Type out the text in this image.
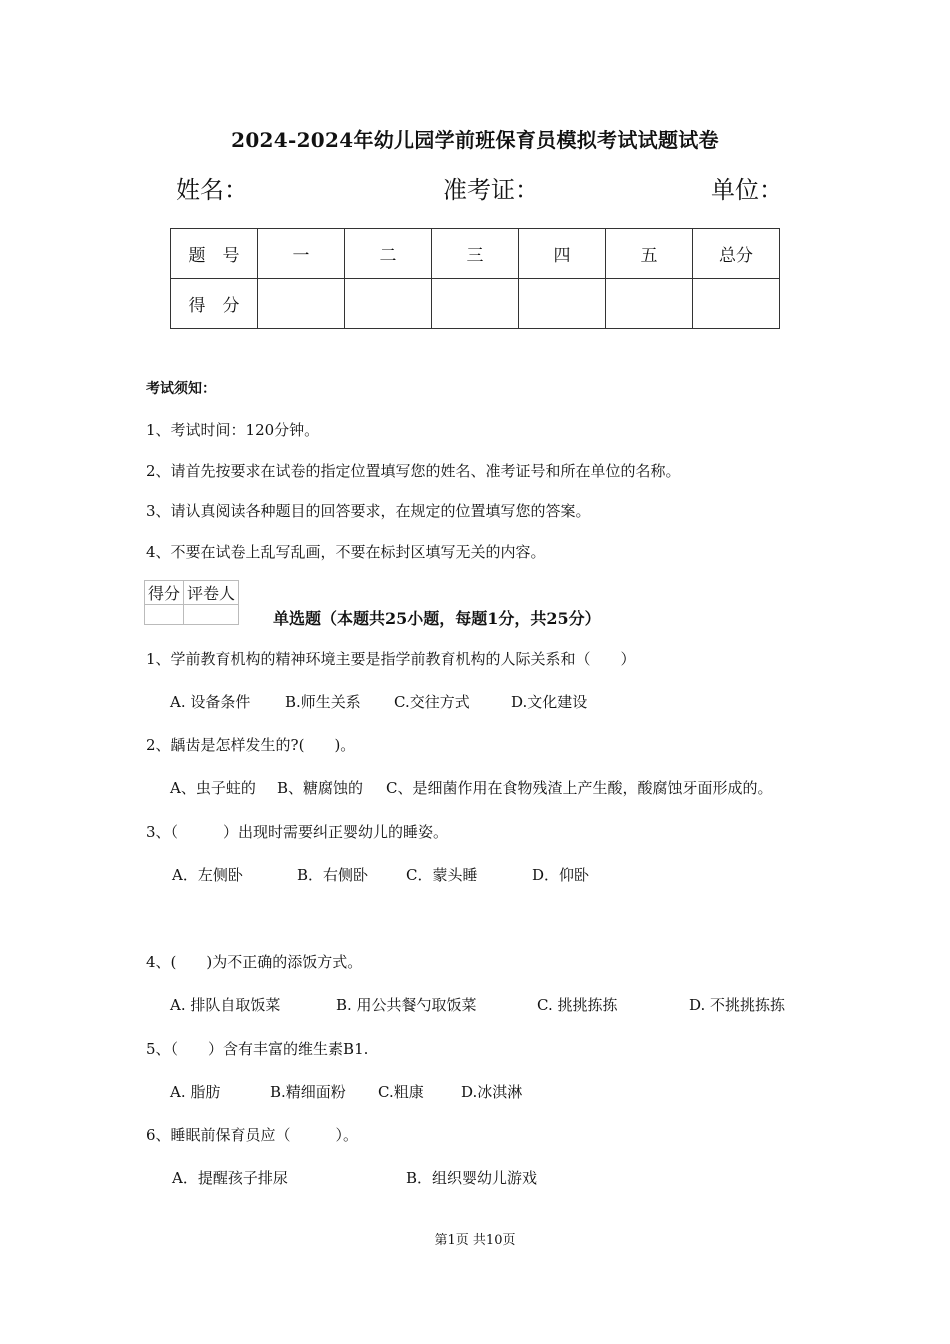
2024-2024年幼儿园学前班保育员模拟考试试题试卷
姓名：	准考证：	单位：
题　号	一	二	三	四	五	总分
得　分						
考试须知：
1、考试时间：120分钟。
2、请首先按要求在试卷的指定位置填写您的姓名、准考证号和所在单位的名称。
3、请认真阅读各种题目的回答要求，在规定的位置填写您的答案。
4、不要在试卷上乱写乱画，不要在标封区填写无关的内容。
得分	评卷人

单选题（本题共25小题，每题1分，共25分）
1、学前教育机构的精神环境主要是指学前教育机构的人际关系和（　　）
A. 设备条件 B.师生关系 C.交往方式	D.文化建设
2、龋齿是怎样发生的?(　　)。
A、虫子蛀的 B、糖腐蚀的 C、是细菌作用在食物残渣上产生酸，酸腐蚀牙面形成的。
3、（　　　）出现时需要纠正婴幼儿的睡姿。
A．左侧卧	B．右侧卧	C．蒙头睡	D．仰卧
4、(　　)为不正确的添饭方式。
A. 排队自取饭菜	B. 用公共餐勺取饭菜	C. 挑挑拣拣	D. 不挑挑拣拣
5、（　　）含有丰富的维生素B1.
A. 脂肪	B.精细面粉 C.粗康 D.冰淇淋
6、睡眠前保育员应（　　　）。
A．提醒孩子排尿	B．组织婴幼儿游戏
第1页 共10页
